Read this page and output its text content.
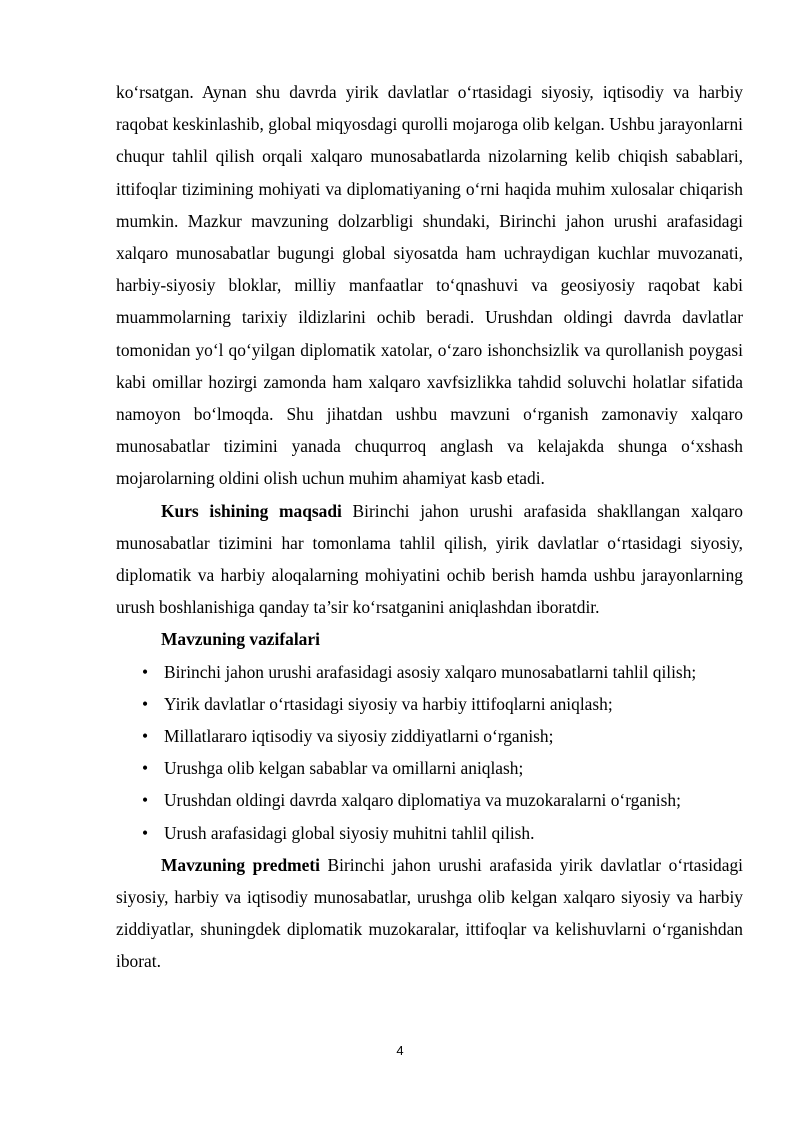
ko‘rsatgan. Aynan shu davrda yirik davlatlar o‘rtasidagi siyosiy, iqtisodiy va harbiy raqobat keskinlashib, global miqyosdagi qurolli mojaroga olib kelgan. Ushbu jarayonlarni chuqur tahlil qilish orqali xalqaro munosabatlarda nizolarning kelib chiqish sabablari, ittifoqlar tizimining mohiyati va diplomatiyaning o‘rni haqida muhim xulosalar chiqarish mumkin. Mazkur mavzuning dolzarbligi shundaki, Birinchi jahon urushi arafasidagi xalqaro munosabatlar bugungi global siyosatda ham uchraydigan kuchlar muvozanati, harbiy-siyosiy bloklar, milliy manfaatlar to‘qnashuvi va geosiyosiy raqobat kabi muammolarning tarixiy ildizlarini ochib beradi. Urushdan oldingi davrda davlatlar tomonidan yo‘l qo‘yilgan diplomatik xatolar, o‘zaro ishonchsizlik va qurollanish poygasi kabi omillar hozirgi zamonda ham xalqaro xavfsizlikka tahdid soluvchi holatlar sifatida namoyon bo‘lmoqda. Shu jihatdan ushbu mavzuni o‘rganish zamonaviy xalqaro munosabatlar tizimini yanada chuqurroq anglash va kelajakda shunga o‘xshash mojarolarning oldini olish uchun muhim ahamiyat kasb etadi.

Kurs ishining maqsadi Birinchi jahon urushi arafasida shakllangan xalqaro munosabatlar tizimini har tomonlama tahlil qilish, yirik davlatlar o‘rtasidagi siyosiy, diplomatik va harbiy aloqalarning mohiyatini ochib berish hamda ushbu jarayonlarning urush boshlanishiga qanday ta’sir ko‘rsatganini aniqlashdan iboratdir.

Mavzuning vazifalari

• Birinchi jahon urushi arafasidagi asosiy xalqaro munosabatlarni tahlil qilish;
• Yirik davlatlar o‘rtasidagi siyosiy va harbiy ittifoqlarni aniqlash;
• Millatlararo iqtisodiy va siyosiy ziddiyatlarni o‘rganish;
• Urushga olib kelgan sabablar va omillarni aniqlash;
• Urushdan oldingi davrda xalqaro diplomatiya va muzokaralarni o‘rganish;
• Urush arafasidagi global siyosiy muhitni tahlil qilish.

Mavzuning predmeti Birinchi jahon urushi arafasida yirik davlatlar o‘rtasidagi siyosiy, harbiy va iqtisodiy munosabatlar, urushga olib kelgan xalqaro siyosiy va harbiy ziddiyatlar, shuningdek diplomatik muzokaralar, ittifoqlar va kelishuvlarni o‘rganishdan iborat.

4
